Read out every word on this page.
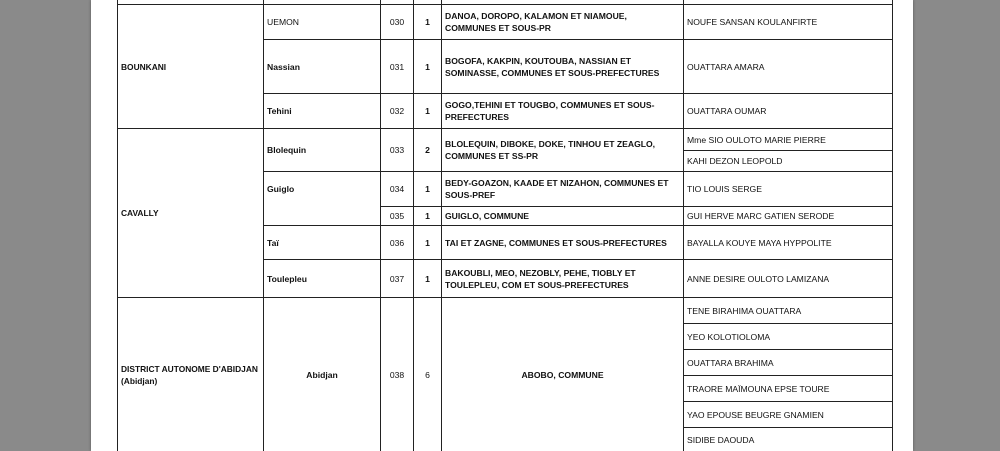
BOUNKANI
CAVALLY
DISTRICT AUTONOME D'ABIDJAN (Abidjan)
UEMON
Nassian
Tehini
Blolequin
Guiglo
Taï
Toulepleu
Abidjan
030
031
032
033
034
035
036
037
038
1
1
1
2
1
1
1
1
6
DANOA, DOROPO, KALAMON ET NIAMOUE, COMMUNES ET SOUS-PR
BOGOFA, KAKPIN, KOUTOUBA, NASSIAN ET SOMINASSE, COMMUNES ET SOUS-PREFECTURES
GOGO,TEHINI ET TOUGBO, COMMUNES ET SOUS-PREFECTURES
BLOLEQUIN, DIBOKE, DOKE, TINHOU ET ZEAGLO, COMMUNES ET SS-PR
BEDY-GOAZON, KAADE ET NIZAHON, COMMUNES ET SOUS-PREF
GUIGLO, COMMUNE
TAI ET ZAGNE, COMMUNES ET SOUS-PREFECTURES
BAKOUBLI, MEO, NEZOBLY, PEHE, TIOBLY ET TOULEPLEU, COM ET SOUS-PREFECTURES
ABOBO, COMMUNE
NOUFE SANSAN KOULANFIRTE
OUATTARA AMARA
OUATTARA OUMAR
Mme SIO OULOTO MARIE PIERRE
KAHI DEZON LEOPOLD
TIO LOUIS SERGE
GUI HERVE MARC GATIEN SERODE
BAYALLA KOUYE MAYA HYPPOLITE
ANNE DESIRE OULOTO LAMIZANA
TENE BIRAHIMA OUATTARA
YEO KOLOTIOLOMA
OUATTARA BRAHIMA
TRAORE MAÏMOUNA EPSE TOURE
YAO EPOUSE BEUGRE GNAMIEN
SIDIBE DAOUDA
